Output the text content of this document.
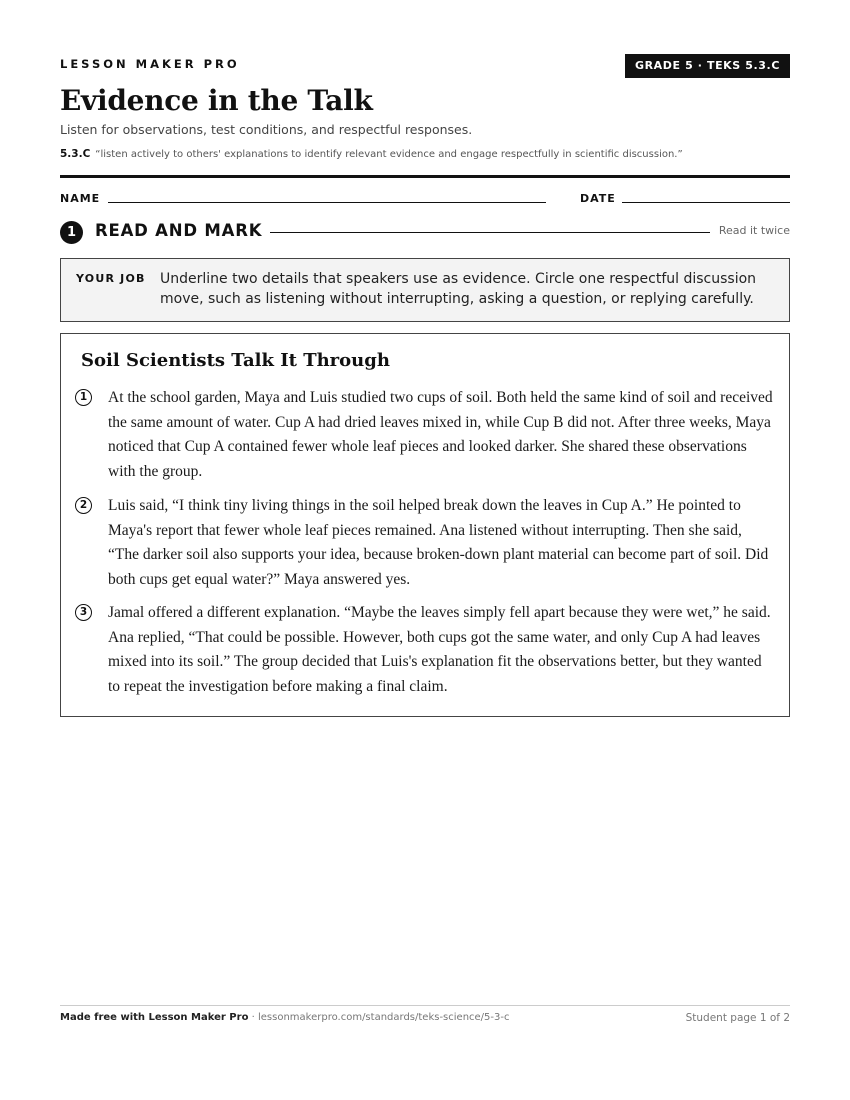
LESSON MAKER PRO	GRADE 5 · TEKS 5.3.C
Evidence in the Talk
Listen for observations, test conditions, and respectful responses.
5.3.C “listen actively to others' explanations to identify relevant evidence and engage respectfully in scientific discussion.”
NAME	DATE
1	READ AND MARK	Read it twice
YOUR JOB Underline two details that speakers use as evidence. Circle one respectful discussion move, such as listening without interrupting, asking a question, or replying carefully.
Soil Scientists Talk It Through
1	At the school garden, Maya and Luis studied two cups of soil. Both held the same kind of soil and received the same amount of water. Cup A had dried leaves mixed in, while Cup B did not. After three weeks, Maya noticed that Cup A contained fewer whole leaf pieces and looked darker. She shared these observations with the group.

2	Luis said, “I think tiny living things in the soil helped break down the leaves in Cup A.” He pointed to Maya's report that fewer whole leaf pieces remained. Ana listened without interrupting. Then she said, “The darker soil also supports your idea, because broken-down plant material can become part of soil. Did both cups get equal water?” Maya answered yes.

3	Jamal offered a different explanation. “Maybe the leaves simply fell apart because they were wet,” he said. Ana replied, “That could be possible. However, both cups got the same water, and only Cup A had leaves mixed into its soil.” The group decided that Luis's explanation fit the observations better, but they wanted to repeat the investigation before making a final claim.

Made free with Lesson Maker Pro · lessonmakerpro.com/standards/teks-science/5-3-c	Student page 1 of 2
